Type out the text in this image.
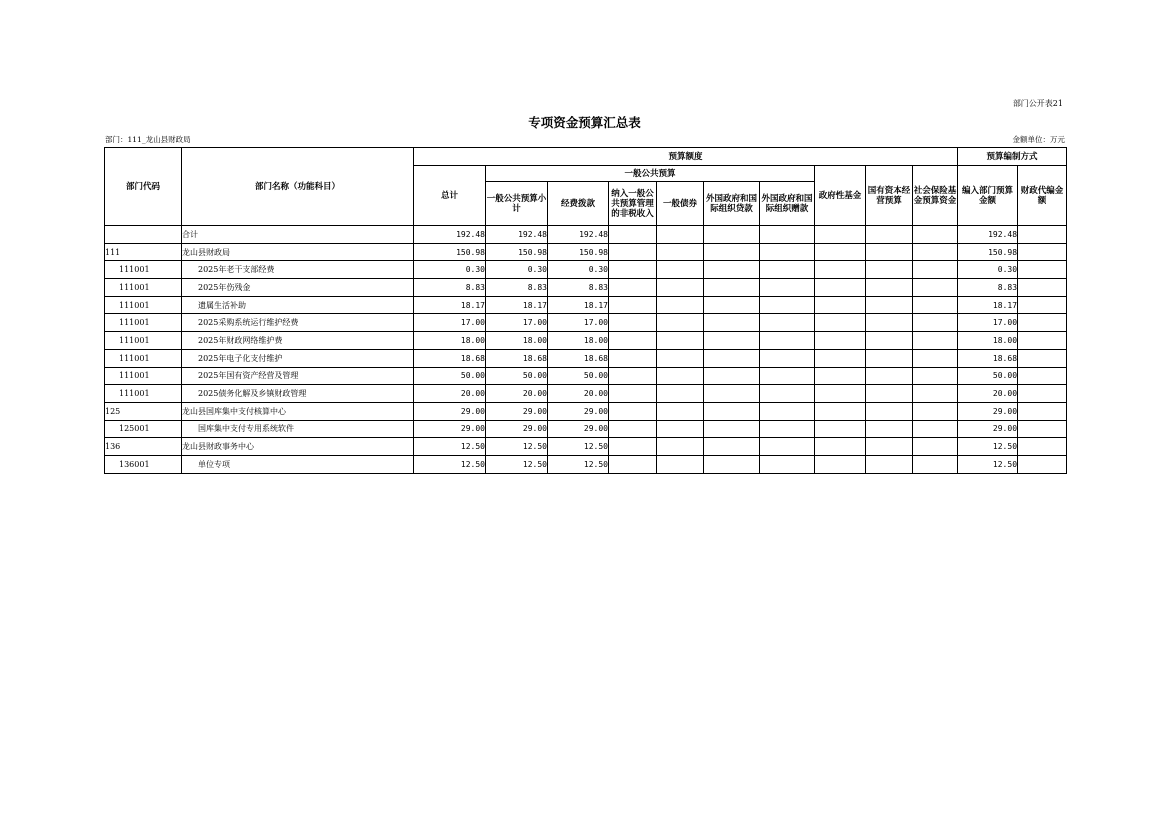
部门公开表21
专项资金预算汇总表
部门：111_龙山县财政局	金额单位：万元
部门代码	部门名称（功能科目）	预算额度										预算编制方式	
		总计	一般公共预算						政府性基金	国有资本经营预算	社会保险基金预算资金	编入部门预算金额	财政代编金额
			一般公共预算小计	经费拨款	纳入一般公共预算管理的非税收入	一般债券	外国政府和国际组织贷款	外国政府和国际组织赠款					
	合计	192.48	192.48	192.48								192.48	
111	龙山县财政局	150.98	150.98	150.98								150.98	
111001	2025年老干支部经费	0.30	0.30	0.30								0.30	
111001	2025年伤残金	8.83	8.83	8.83								8.83	
111001	遗属生活补助	18.17	18.17	18.17								18.17	
111001	2025采购系统运行维护经费	17.00	17.00	17.00								17.00	
111001	2025年财政网络维护费	18.00	18.00	18.00								18.00	
111001	2025年电子化支付维护	18.68	18.68	18.68								18.68	
111001	2025年国有资产经营及管理	50.00	50.00	50.00								50.00	
111001	2025债务化解及乡镇财政管理	20.00	20.00	20.00								20.00	
125	龙山县国库集中支付核算中心	29.00	29.00	29.00								29.00	
125001	国库集中支付专用系统软件	29.00	29.00	29.00								29.00	
136	龙山县财政事务中心	12.50	12.50	12.50								12.50	
136001	单位专项	12.50	12.50	12.50								12.50	
